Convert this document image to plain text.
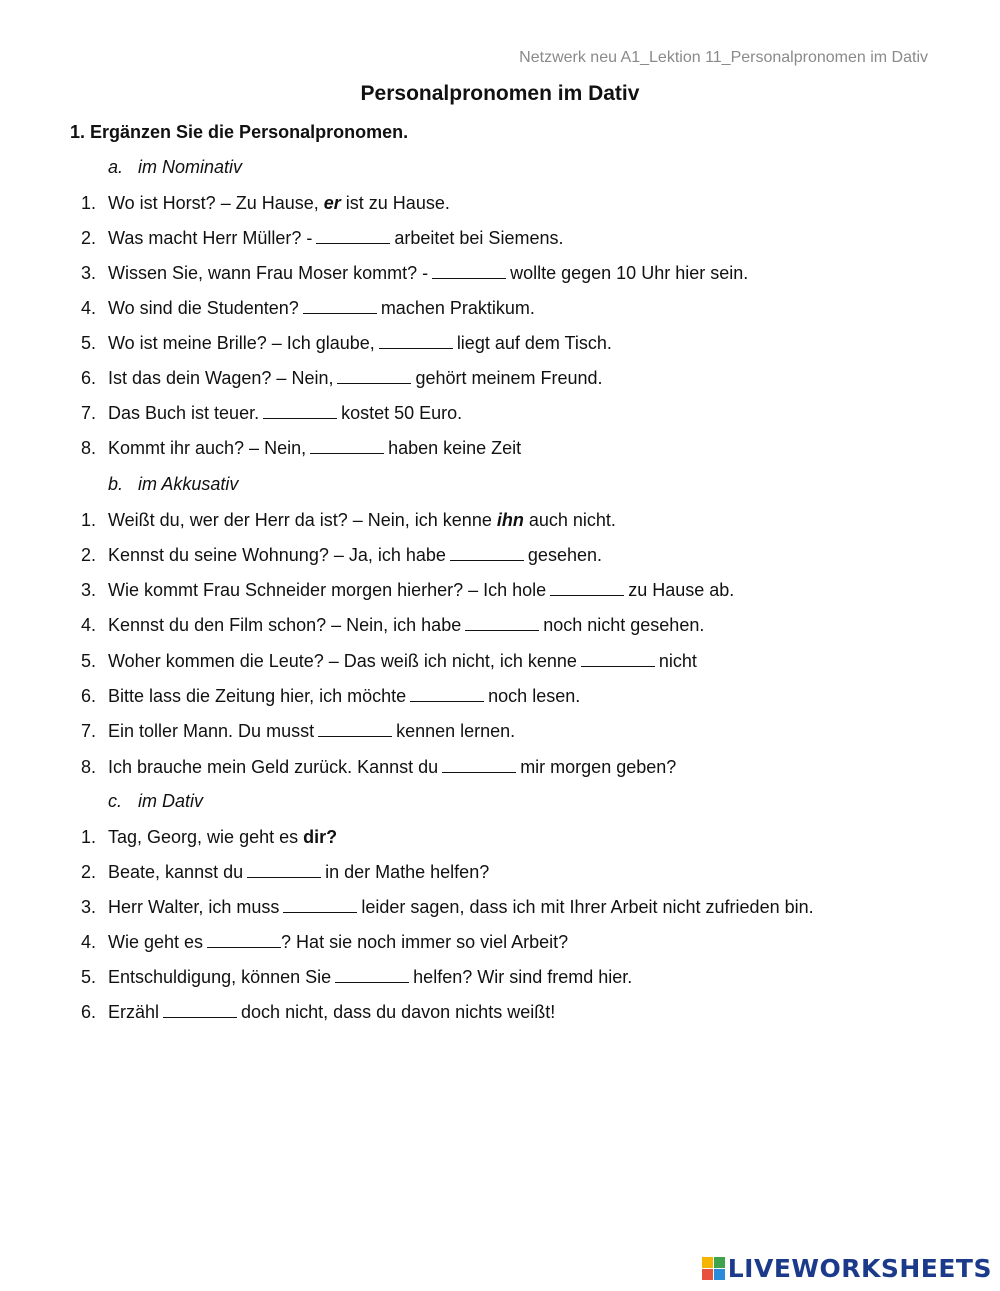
Netzwerk neu A1_Lektion 11_Personalpronomen im Dativ
Personalpronomen im Dativ
1. Ergänzen Sie die Personalpronomen.
a. im Nominativ
1. Wo ist Horst? – Zu Hause, er ist zu Hause.
2. Was macht Herr Müller? -	arbeitet bei Siemens.
3. Wissen Sie, wann Frau Moser kommt? -	wollte gegen 10 Uhr hier sein.
4. Wo sind die Studenten?	machen Praktikum.
5. Wo ist meine Brille? – Ich glaube,	liegt auf dem Tisch.
6. Ist das dein Wagen? – Nein,	gehört meinem Freund.
7. Das Buch ist teuer.	kostet 50 Euro.
8. Kommt ihr auch? – Nein,	haben keine Zeit
b. im Akkusativ
1. Weißt du, wer der Herr da ist? – Nein, ich kenne ihn auch nicht.
2. Kennst du seine Wohnung? – Ja, ich habe	gesehen.
3. Wie kommt Frau Schneider morgen hierher? – Ich hole	zu Hause ab.
4. Kennst du den Film schon? – Nein, ich habe	noch nicht gesehen.
5. Woher kommen die Leute? – Das weiß ich nicht, ich kenne	nicht
6. Bitte lass die Zeitung hier, ich möchte	noch lesen.
7. Ein toller Mann. Du musst	kennen lernen.
8. Ich brauche mein Geld zurück. Kannst du	mir morgen geben?
c. im Dativ
1. Tag, Georg, wie geht es dir?
2. Beate, kannst du	in der Mathe helfen?
3. Herr Walter, ich muss	leider sagen, dass ich mit Ihrer Arbeit nicht zufrieden bin.
4. Wie geht es	? Hat sie noch immer so viel Arbeit?
5. Entschuldigung, können Sie	helfen? Wir sind fremd hier.
6. Erzähl	doch nicht, dass du davon nichts weißt!
LIVEWORKSHEETS
